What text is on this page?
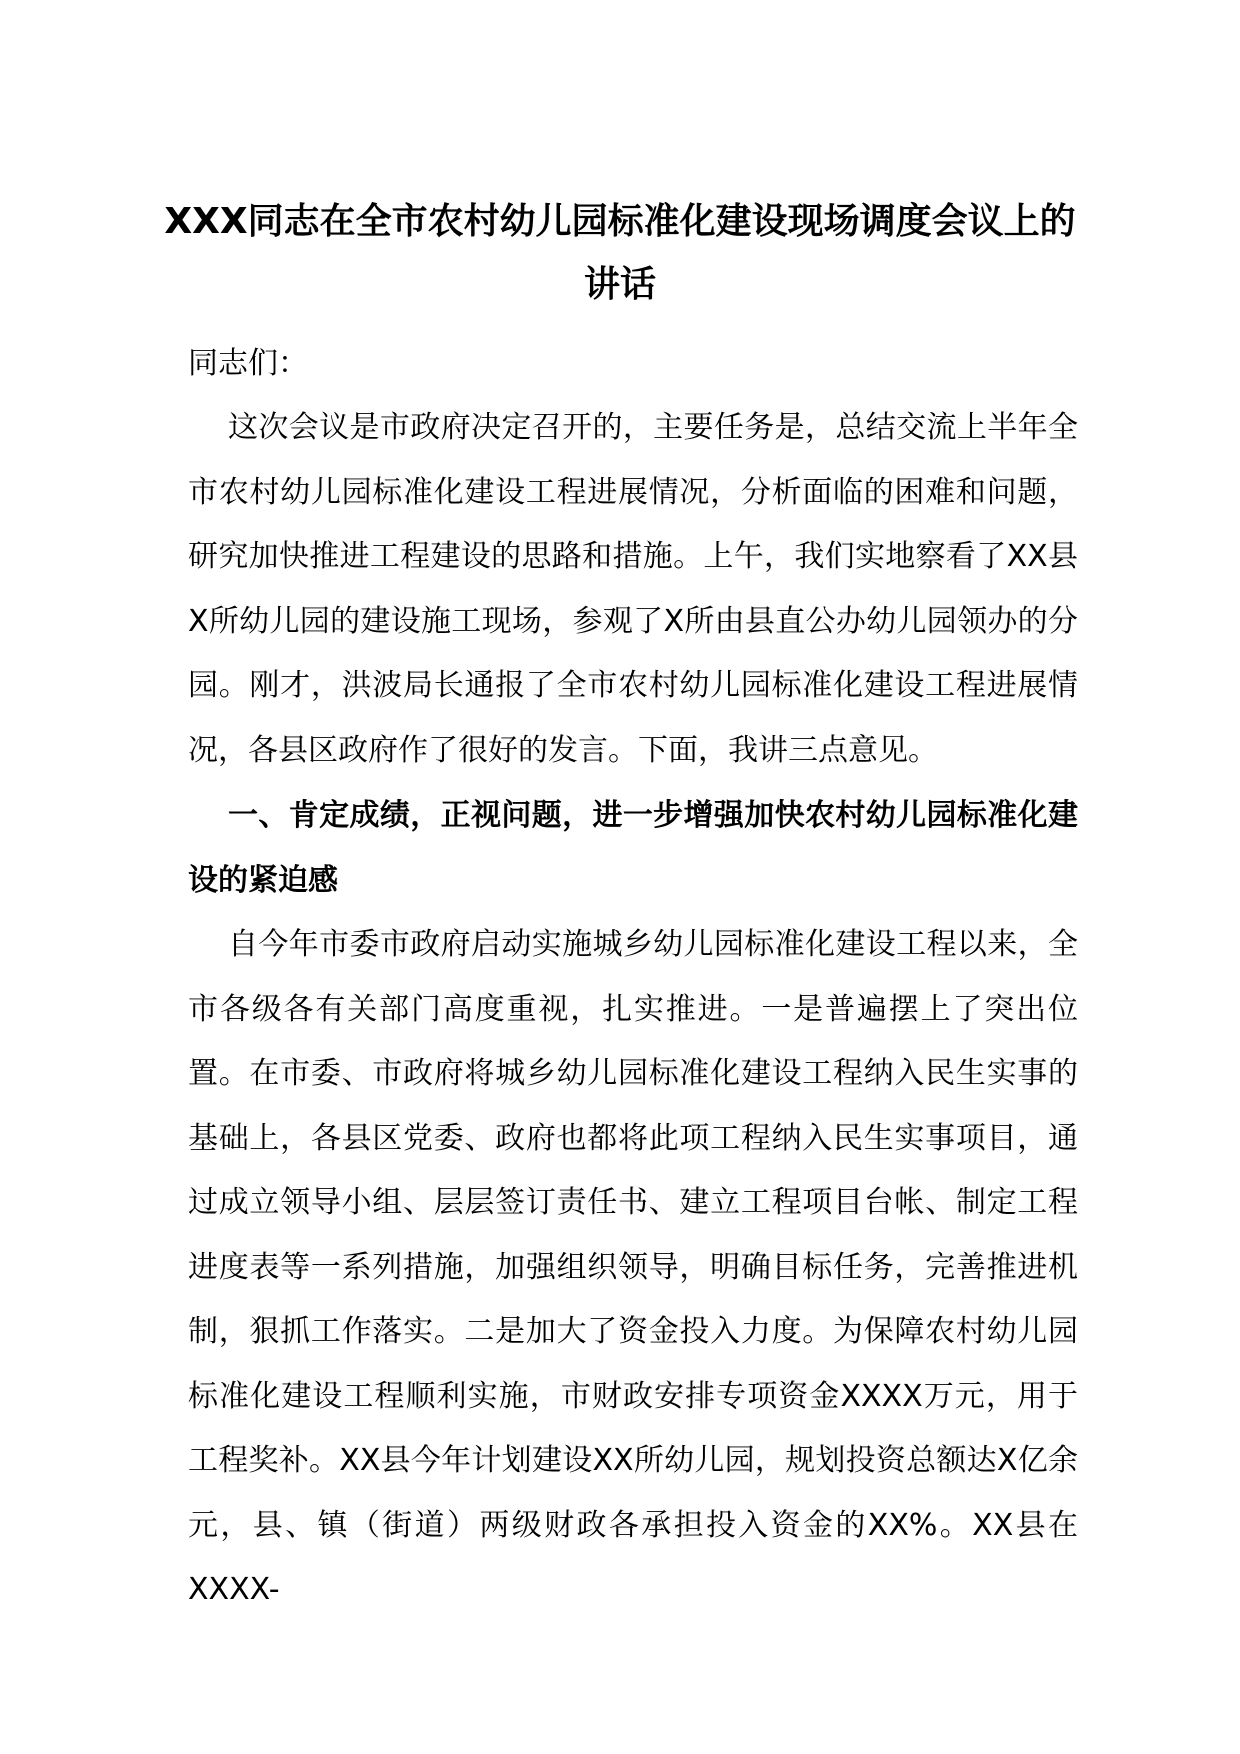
XXX同志在全市农村幼儿园标准化建设现场调度会议上的
讲话

同志们：

这次会议是市政府决定召开的，主要任务是，总结交流上半年全市农村幼儿园标准化建设工程进展情况，分析面临的困难和问题，研究加快推进工程建设的思路和措施。上午，我们实地察看了XX县X所幼儿园的建设施工现场，参观了X所由县直公办幼儿园领办的分园。刚才，洪波局长通报了全市农村幼儿园标准化建设工程进展情况，各县区政府作了很好的发言。下面，我讲三点意见。

一、肯定成绩，正视问题，进一步增强加快农村幼儿园标准化建设的紧迫感

自今年市委市政府启动实施城乡幼儿园标准化建设工程以来，全市各级各有关部门高度重视，扎实推进。一是普遍摆上了突出位置。在市委、市政府将城乡幼儿园标准化建设工程纳入民生实事的基础上，各县区党委、政府也都将此项工程纳入民生实事项目，通过成立领导小组、层层签订责任书、建立工程项目台帐、制定工程进度表等一系列措施，加强组织领导，明确目标任务，完善推进机制，狠抓工作落实。二是加大了资金投入力度。为保障农村幼儿园标准化建设工程顺利实施，市财政安排专项资金XXXX万元，用于工程奖补。XX县今年计划建设XX所幼儿园，规划投资总额达X亿余元，县、镇（街道）两级财政各承担投入资金的XX%。XX县在XXXX-
